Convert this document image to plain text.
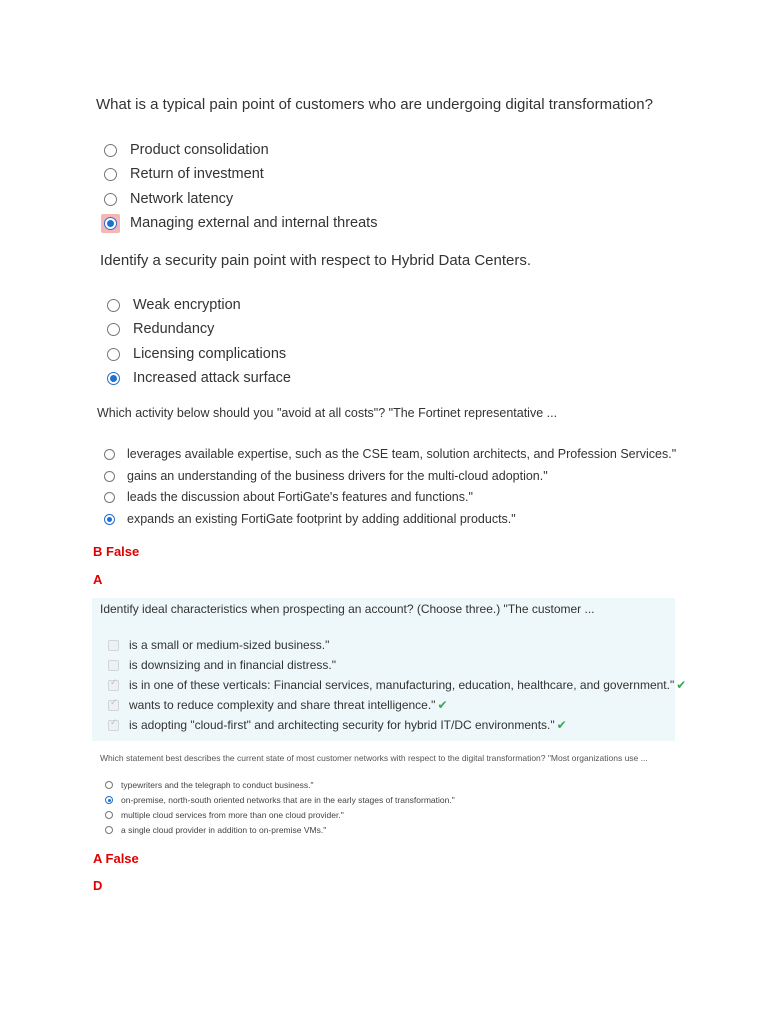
What is a typical pain point of customers who are undergoing digital transformation?
Product consolidation
Return of investment
Network latency
Managing external and internal threats
Identify a security pain point with respect to Hybrid Data Centers.
Weak encryption
Redundancy
Licensing complications
Increased attack surface
Which activity below should you "avoid at all costs"? "The Fortinet representative ...
leverages available expertise, such as the CSE team, solution architects, and Profession Services."
gains an understanding of the business drivers for the multi-cloud adoption."
leads the discussion about FortiGate's features and functions."
expands an existing FortiGate footprint by adding additional products."
B False
A
Identify ideal characteristics when prospecting an account? (Choose three.) "The customer ...
is a small or medium-sized business."
is downsizing and in financial distress."
✓
is in one of these verticals: Financial services, manufacturing, education, healthcare, and government." ✔
✓
wants to reduce complexity and share threat intelligence." ✔
✓
is adopting "cloud-first" and architecting security for hybrid IT/DC environments." ✔
Which statement best describes the current state of most customer networks with respect to the digital transformation? "Most organizations use ...
typewriters and the telegraph to conduct business."
on-premise, north-south oriented networks that are in the early stages of transformation."
multiple cloud services from more than one cloud provider."
a single cloud provider in addition to on-premise VMs."
A False
D
